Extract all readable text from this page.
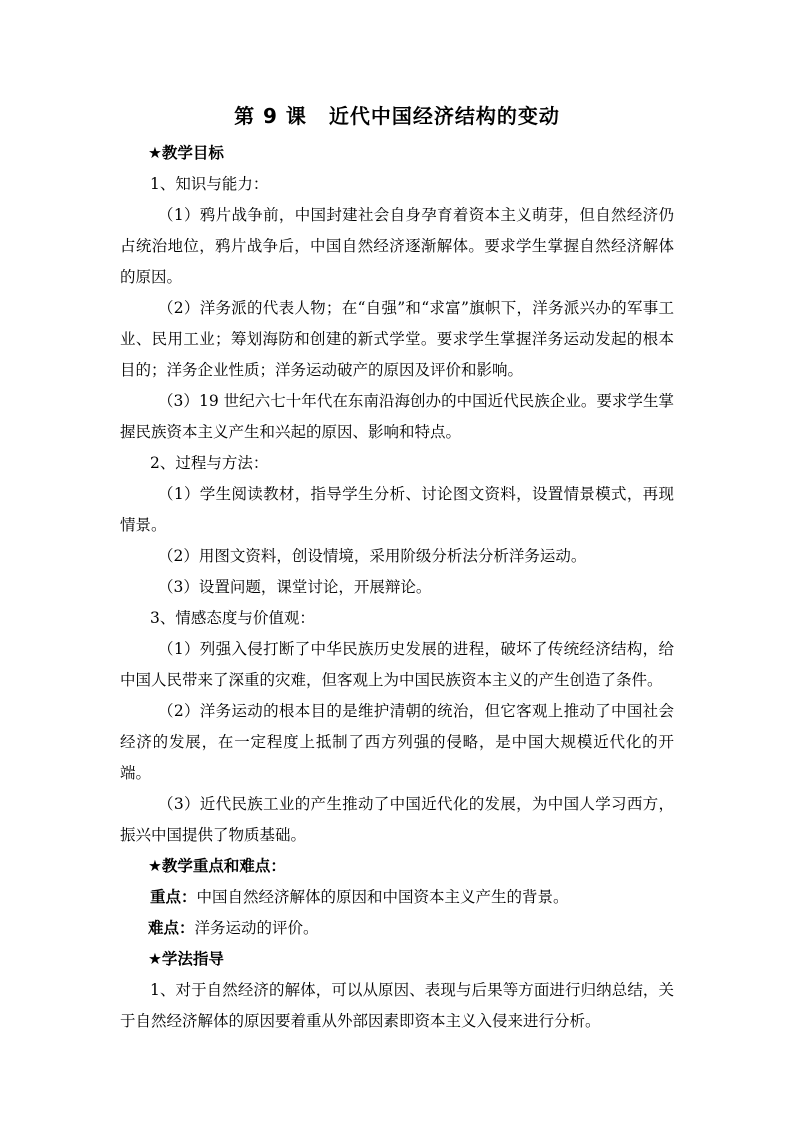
第 9 课 近代中国经济结构的变动

★教学目标

1、知识与能力：

（1）鸦片战争前，中国封建社会自身孕育着资本主义萌芽，但自然经济仍占统治地位，鸦片战争后，中国自然经济逐渐解体。要求学生掌握自然经济解体的原因。

（2）洋务派的代表人物；在“自强”和“求富”旗帜下，洋务派兴办的军事工业、民用工业；筹划海防和创建的新式学堂。要求学生掌握洋务运动发起的根本目的；洋务企业性质；洋务运动破产的原因及评价和影响。

（3）19 世纪六七十年代在东南沿海创办的中国近代民族企业。要求学生掌握民族资本主义产生和兴起的原因、影响和特点。

2、过程与方法：

（1）学生阅读教材，指导学生分析、讨论图文资料，设置情景模式，再现情景。

（2）用图文资料，创设情境，采用阶级分析法分析洋务运动。

（3）设置问题，课堂讨论，开展辩论。

3、情感态度与价值观：

（1）列强入侵打断了中华民族历史发展的进程，破坏了传统经济结构，给中国人民带来了深重的灾难，但客观上为中国民族资本主义的产生创造了条件。

（2）洋务运动的根本目的是维护清朝的统治，但它客观上推动了中国社会经济的发展，在一定程度上抵制了西方列强的侵略，是中国大规模近代化的开端。

（3）近代民族工业的产生推动了中国近代化的发展，为中国人学习西方，振兴中国提供了物质基础。

★教学重点和难点：

重点：中国自然经济解体的原因和中国资本主义产生的背景。

难点：洋务运动的评价。

★学法指导

1、对于自然经济的解体，可以从原因、表现与后果等方面进行归纳总结，关于自然经济解体的原因要着重从外部因素即资本主义入侵来进行分析。
